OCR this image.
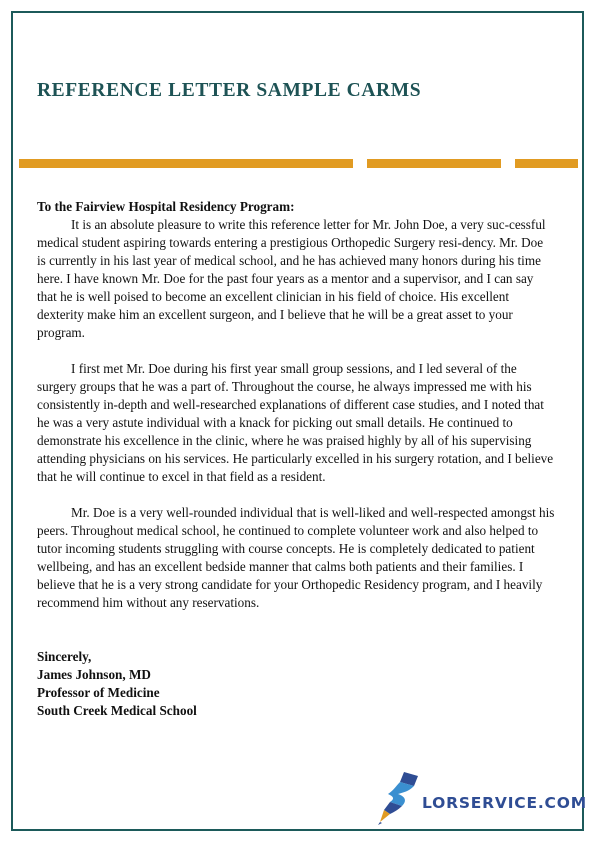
REFERENCE LETTER SAMPLE CARMS

To the Fairview Hospital Residency Program:

It is an absolute pleasure to write this reference letter for Mr. John Doe, a very suc-cessful medical student aspiring towards entering a prestigious Orthopedic Surgery resi-dency. Mr. Doe is currently in his last year of medical school, and he has achieved many honors during his time here. I have known Mr. Doe for the past four years as a mentor and a supervisor, and I can say that he is well poised to become an excellent clinician in his field of choice. His excellent dexterity make him an excellent surgeon, and I believe that he will be a great asset to your program.

I first met Mr. Doe during his first year small group sessions, and I led several of the surgery groups that he was a part of. Throughout the course, he always impressed me with his consistently in-depth and well-researched explanations of different case studies, and I noted that he was a very astute individual with a knack for picking out small details. He continued to demonstrate his excellence in the clinic, where he was praised highly by all of his supervising attending physicians on his services. He particularly excelled in his surgery rotation, and I believe that he will continue to excel in that field as a resident.

Mr. Doe is a very well-rounded individual that is well-liked and well-respected amongst his peers. Throughout medical school, he continued to complete volunteer work and also helped to tutor incoming students struggling with course concepts. He is completely dedicated to patient wellbeing, and has an excellent bedside manner that calms both patients and their families. I believe that he is a very strong candidate for your Orthopedic Residency program, and I heavily recommend him without any reservations.

Sincerely,
James Johnson, MD
Professor of Medicine
South Creek Medical School
LORSERVICE.COM
